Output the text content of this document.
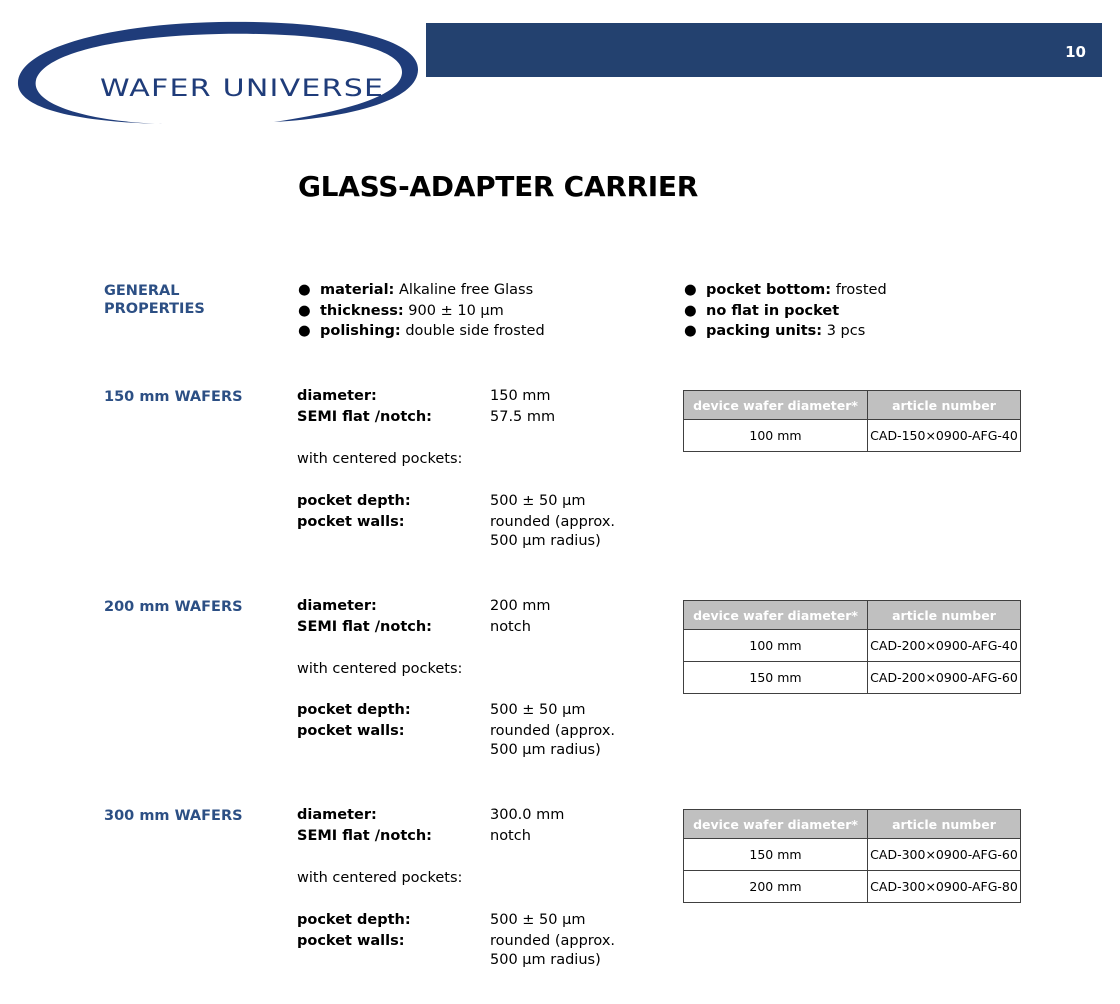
WAFER UNIVERSE
10
GLASS-ADAPTER CARRIER
GENERAL
PROPERTIES
● material: Alkaline free Glass
● thickness: 900 ± 10 µm
● polishing: double side frosted
● pocket bottom: frosted
● no flat in pocket
● packing units: 3 pcs
150 mm WAFERS	diameter:	150 mm
SEMI flat /notch:	57.5 mm
with centered pockets:
pocket depth:	500 ± 50 µm
pocket walls:	rounded (approx.
500 µm radius)
device wafer diameter*	article number
100 mm	CAD-150×0900-AFG-40
200 mm WAFERS	diameter:	200 mm
SEMI flat /notch:	notch
with centered pockets:
pocket depth:	500 ± 50 µm
pocket walls:	rounded (approx.
500 µm radius)
device wafer diameter*	article number
100 mm	CAD-200×0900-AFG-40
150 mm	CAD-200×0900-AFG-60
300 mm WAFERS	diameter:	300.0 mm
SEMI flat /notch:	notch
with centered pockets:
pocket depth:	500 ± 50 µm
pocket walls:	rounded (approx.
500 µm radius)
device wafer diameter*	article number
150 mm	CAD-300×0900-AFG-60
200 mm	CAD-300×0900-AFG-80
